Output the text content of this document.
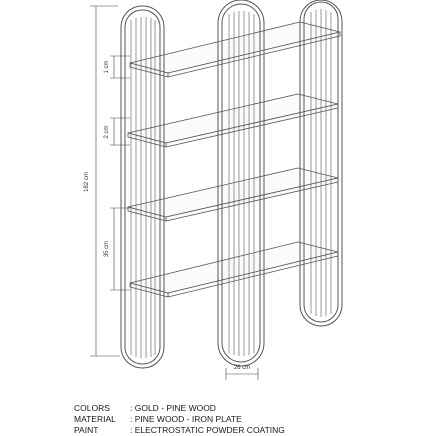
182 cm
1 cm
2 cm
35 cm
26 cm
COLORS	: GOLD - PINE WOOD
MATERIAL	: PINE WOOD - IRON PLATE
PAINT	: ELECTROSTATIC POWDER COATING
